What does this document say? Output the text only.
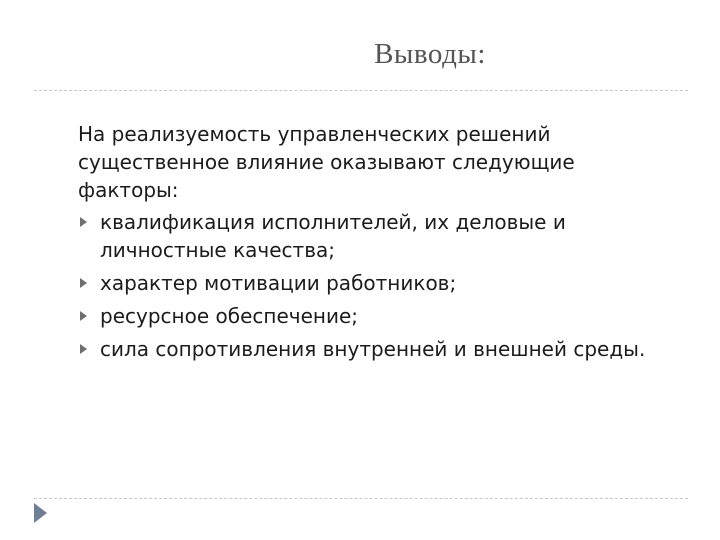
Выводы:

На реализуемость управленческих решений существенное влияние оказывают следующие факторы:

квалификация исполнителей, их деловые и личностные качества;
характер мотивации работников;
ресурсное обеспечение;
сила сопротивления внутренней и внешней среды.
